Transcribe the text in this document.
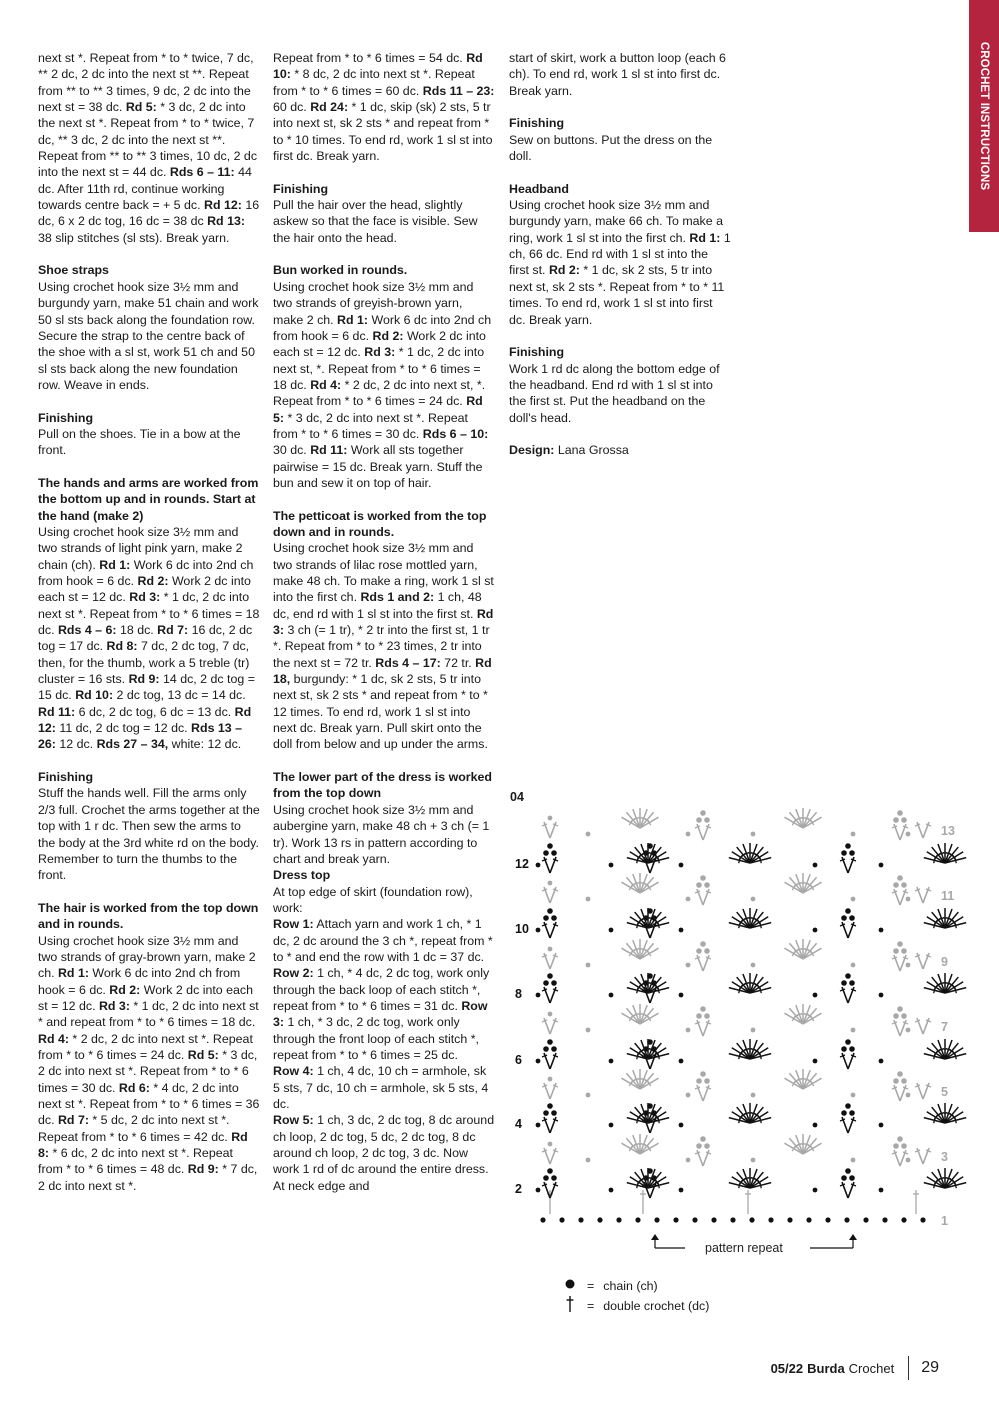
CROCHET INSTRUCTIONS

next st *. Repeat from * to * twice, 7 dc, ** 2 dc, 2 dc into the next st **. Repeat from ** to ** 3 times, 9 dc, 2 dc into the next st = 38 dc. Rd 5: * 3 dc, 2 dc into the next st *. Repeat from * to * twice, 7 dc, ** 3 dc, 2 dc into the next st **. Repeat from ** to ** 3 times, 10 dc, 2 dc into the next st = 44 dc. Rds 6 – 11: 44 dc. After 11th rd, continue working towards centre back = + 5 dc. Rd 12: 16 dc, 6 x 2 dc tog, 16 dc = 38 dc Rd 13: 38 slip stitches (sl sts). Break yarn.

Shoe straps

Using crochet hook size 3½ mm and burgundy yarn, make 51 chain and work 50 sl sts back along the foundation row. Secure the strap to the centre back of the shoe with a sl st, work 51 ch and 50 sl sts back along the new foundation row. Weave in ends.

Finishing

Pull on the shoes. Tie in a bow at the front.

The hands and arms are worked from the bottom up and in rounds. Start at the hand (make 2)

Using crochet hook size 3½ mm and two strands of light pink yarn, make 2 chain (ch). Rd 1: Work 6 dc into 2nd ch from hook = 6 dc. Rd 2: Work 2 dc into each st = 12 dc. Rd 3: * 1 dc, 2 dc into next st *. Repeat from * to * 6 times = 18 dc. Rds 4 – 6: 18 dc. Rd 7: 16 dc, 2 dc tog = 17 dc. Rd 8: 7 dc, 2 dc tog, 7 dc, then, for the thumb, work a 5 treble (tr) cluster = 16 sts. Rd 9: 14 dc, 2 dc tog = 15 dc. Rd 10: 2 dc tog, 13 dc = 14 dc. Rd 11: 6 dc, 2 dc tog, 6 dc = 13 dc. Rd 12: 11 dc, 2 dc tog = 12 dc. Rds 13 – 26: 12 dc. Rds 27 – 34, white: 12 dc.

Finishing

Stuff the hands well. Fill the arms only 2/3 full. Crochet the arms together at the top with 1 r dc. Then sew the arms to the body at the 3rd white rd on the body. Remember to turn the thumbs to the front.

The hair is worked from the top down and in rounds.

Using crochet hook size 3½ mm and two strands of gray-brown yarn, make 2 ch. Rd 1: Work 6 dc into 2nd ch from hook = 6 dc. Rd 2: Work 2 dc into each st = 12 dc. Rd 3: * 1 dc, 2 dc into next st * and repeat from * to * 6 times = 18 dc. Rd 4: * 2 dc, 2 dc into next st *. Repeat from * to * 6 times = 24 dc. Rd 5: * 3 dc, 2 dc into next st *. Repeat from * to * 6 times = 30 dc. Rd 6: * 4 dc, 2 dc into next st *. Repeat from * to * 6 times = 36 dc. Rd 7: * 5 dc, 2 dc into next st *. Repeat from * to * 6 times = 42 dc. Rd 8: * 6 dc, 2 dc into next st *. Repeat from * to * 6 times = 48 dc. Rd 9: * 7 dc, 2 dc into next st *.

Repeat from * to * 6 times = 54 dc. Rd 10: * 8 dc, 2 dc into next st *. Repeat from * to * 6 times = 60 dc. Rds 11 – 23: 60 dc. Rd 24: * 1 dc, skip (sk) 2 sts, 5 tr into next st, sk 2 sts * and repeat from * to * 10 times. To end rd, work 1 sl st into first dc. Break yarn.

Finishing

Pull the hair over the head, slightly askew so that the face is visible. Sew the hair onto the head.

Bun worked in rounds.

Using crochet hook size 3½ mm and two strands of greyish-brown yarn, make 2 ch. Rd 1: Work 6 dc into 2nd ch from hook = 6 dc. Rd 2: Work 2 dc into each st = 12 dc. Rd 3: * 1 dc, 2 dc into next st, *. Repeat from * to * 6 times = 18 dc. Rd 4: * 2 dc, 2 dc into next st, *. Repeat from * to * 6 times = 24 dc. Rd 5: * 3 dc, 2 dc into next st *. Repeat from * to * 6 times = 30 dc. Rds 6 – 10: 30 dc. Rd 11: Work all sts together pairwise = 15 dc. Break yarn. Stuff the bun and sew it on top of hair.

The petticoat is worked from the top down and in rounds.

Using crochet hook size 3½ mm and two strands of lilac rose mottled yarn, make 48 ch. To make a ring, work 1 sl st into the first ch. Rds 1 and 2: 1 ch, 48 dc, end rd with 1 sl st into the first st. Rd 3: 3 ch (= 1 tr), * 2 tr into the first st, 1 tr *. Repeat from * to * 23 times, 2 tr into the next st = 72 tr. Rds 4 – 17: 72 tr. Rd 18, burgundy: * 1 dc, sk 2 sts, 5 tr into next st, sk 2 sts * and repeat from * to * 12 times. To end rd, work 1 sl st into next dc. Break yarn. Pull skirt onto the doll from below and up under the arms.

The lower part of the dress is worked from the top down

Using crochet hook size 3½ mm and aubergine yarn, make 48 ch + 3 ch (= 1 tr). Work 13 rs in pattern according to chart and break yarn.

Dress top

At top edge of skirt (foundation row), work:

Row 1: Attach yarn and work 1 ch, * 1 dc, 2 dc around the 3 ch *, repeat from * to * and end the row with 1 dc = 37 dc.

Row 2: 1 ch, * 4 dc, 2 dc tog, work only through the back loop of each stitch *, repeat from * to * 6 times = 31 dc. Row 3: 1 ch, * 3 dc, 2 dc tog, work only through the front loop of each stitch *, repeat from * to * 6 times = 25 dc.

Row 4: 1 ch, 4 dc, 10 ch = armhole, sk 5 sts, 7 dc, 10 ch = armhole, sk 5 sts, 4 dc.

Row 5: 1 ch, 3 dc, 2 dc tog, 8 dc around ch loop, 2 dc tog, 5 dc, 2 dc tog, 8 dc around ch loop, 2 dc tog, 3 dc. Now work 1 rd of dc around the entire dress. At neck edge and

start of skirt, work a button loop (each 6 ch). To end rd, work 1 sl st into first dc. Break yarn.

Finishing

Sew on buttons. Put the dress on the doll.

Headband

Using crochet hook size 3½ mm and burgundy yarn, make 66 ch. To make a ring, work 1 sl st into the first ch. Rd 1: 1 ch, 66 dc. End rd with 1 sl st into the first st. Rd 2: * 1 dc, sk 2 sts, 5 tr into next st, sk 2 sts *. Repeat from * to * 11 times. To end rd, work 1 sl st into first dc. Break yarn.

Finishing

Work 1 rd dc along the bottom edge of the headband. End rd with 1 sl st into the first st. Put the headband on the doll's head.

Design: Lana Grossa

04
12
10
8
6
4
2
13
11
9
7
5
3
1
pattern repeat
= chain (ch)
= double crochet (dc)
05/22 Burda Crochet 29
